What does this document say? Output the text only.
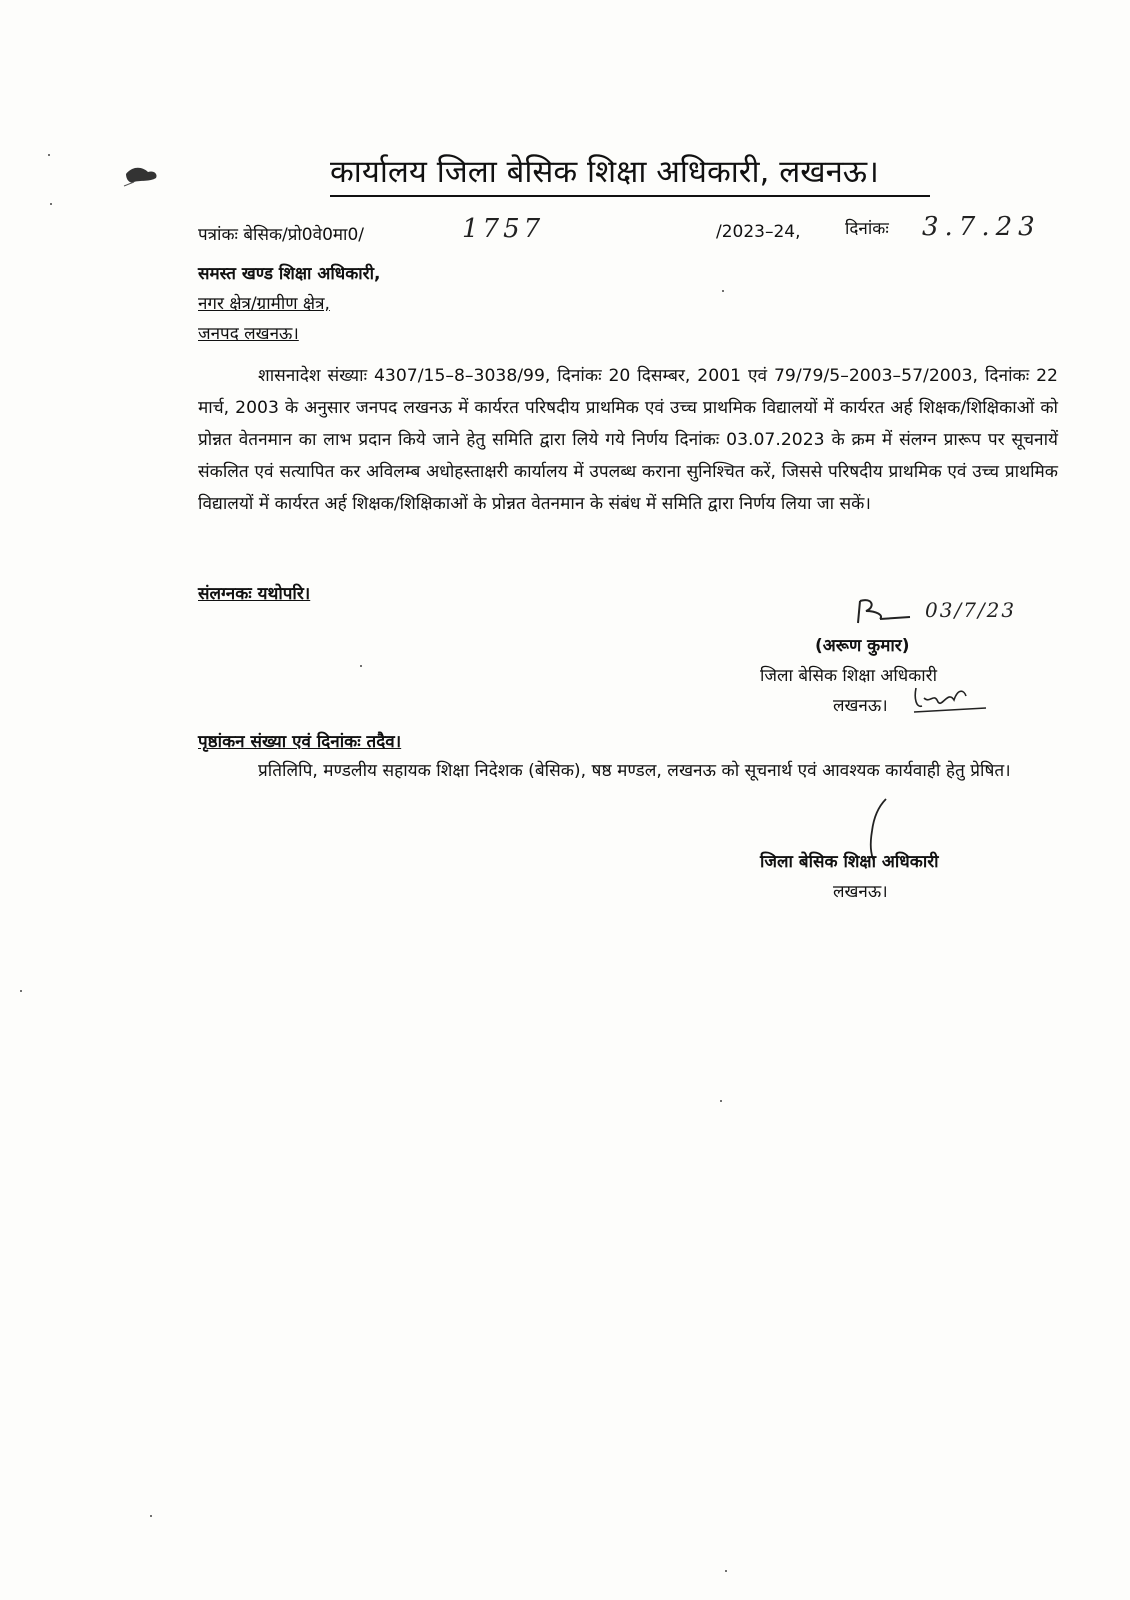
कार्यालय जिला बेसिक शिक्षा अधिकारी, लखनऊ।
पत्रांकः बेसिक/प्रो0वे0मा0/	1757	/2023–24,	दिनांकः 3.7.23
समस्त खण्ड शिक्षा अधिकारी,
नगर क्षेत्र/ग्रामीण क्षेत्र,
जनपद लखनऊ।
शासनादेश संख्याः 4307/15–8–3038/99, दिनांकः 20 दिसम्बर, 2001 एवं 79/79/5–2003–57/2003, दिनांकः 22 मार्च, 2003 के अनुसार जनपद लखनऊ में कार्यरत परिषदीय प्राथमिक एवं उच्च प्राथमिक विद्यालयों में कार्यरत अर्ह शिक्षक/शिक्षिकाओं को प्रोन्नत वेतनमान का लाभ प्रदान किये जाने हेतु समिति द्वारा लिये गये निर्णय दिनांकः 03.07.2023 के क्रम में संलग्न प्रारूप पर सूचनायें संकलित एवं सत्यापित कर अविलम्ब अधोहस्ताक्षरी कार्यालय में उपलब्ध कराना सुनिश्चित करें, जिससे परिषदीय प्राथमिक एवं उच्च प्राथमिक विद्यालयों में कार्यरत अर्ह शिक्षक/शिक्षिकाओं के प्रोन्नत वेतनमान के संबंध में समिति द्वारा निर्णय लिया जा सकें।
संलग्नकः यथोपरि।
03/7/23
(अरूण कुमार)
जिला बेसिक शिक्षा अधिकारी
लखनऊ।
पृष्ठांकन संख्या एवं दिनांकः तदैव।
प्रतिलिपि, मण्डलीय सहायक शिक्षा निदेशक (बेसिक), षष्ठ मण्डल, लखनऊ को सूचनार्थ एवं आवश्यक कार्यवाही हेतु प्रेषित।
जिला बेसिक शिक्षा अधिकारी
लखनऊ।
